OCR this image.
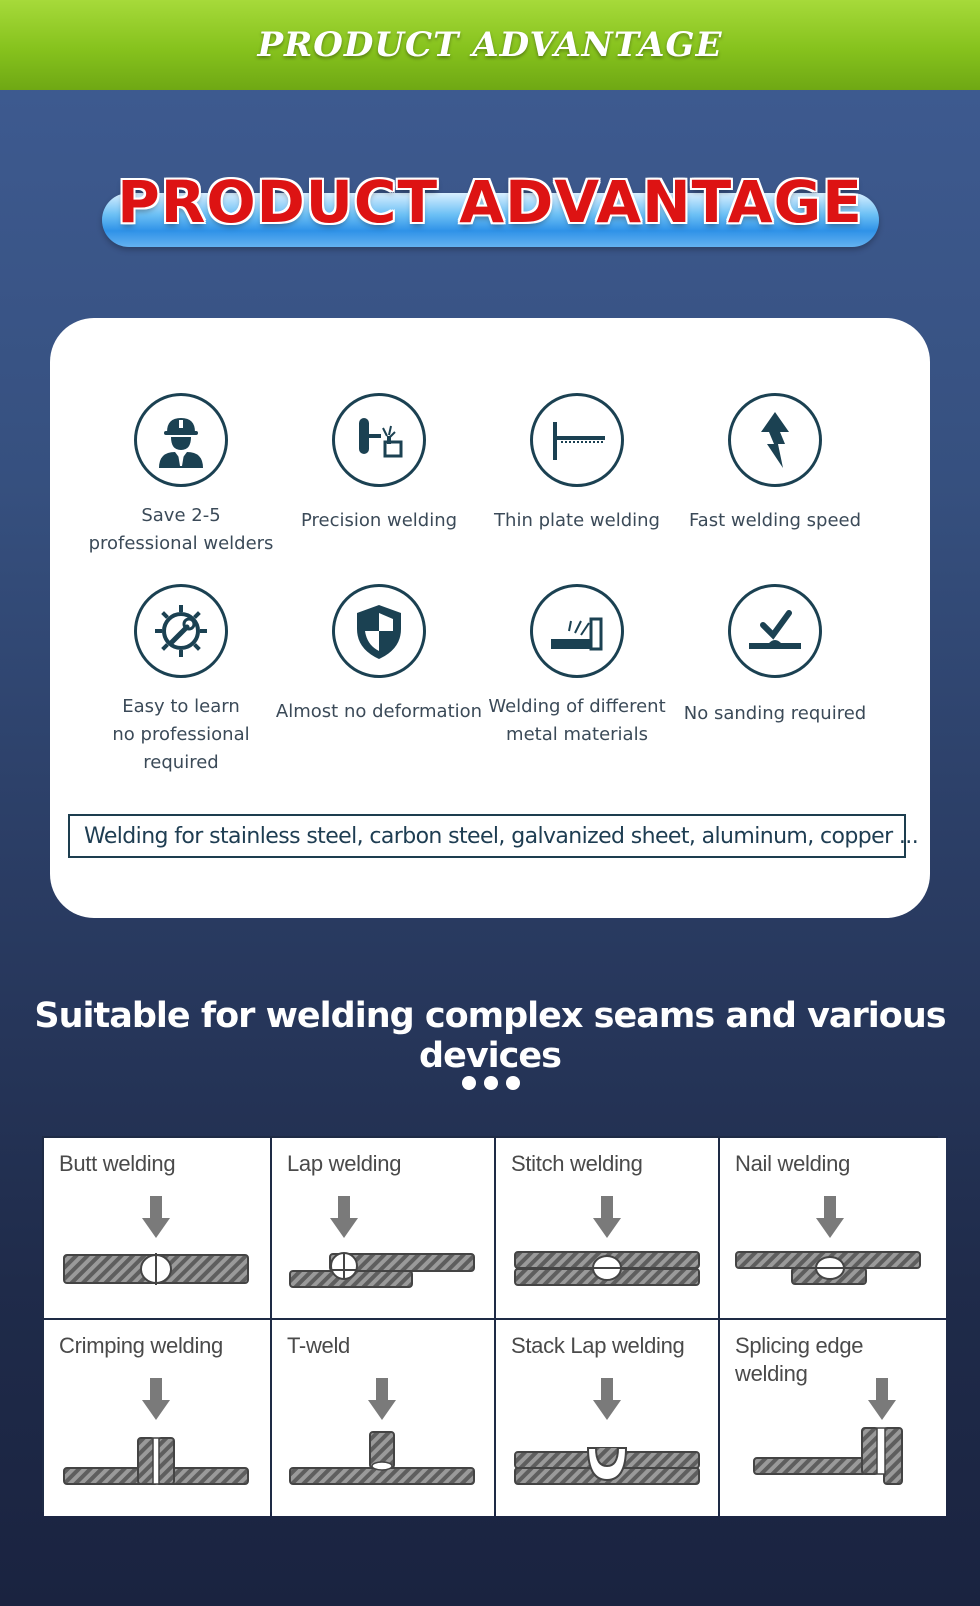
PRODUCT ADVANTAGE
PRODUCT ADVANTAGE
Save 2-5
professional welders
Precision welding	Thin plate welding	Fast welding speed
Easy to learn
no professional required
Almost no deformation Welding of different
metal materials
No sanding required
Welding for stainless steel, carbon steel, galvanized sheet, aluminum, copper ...
Suitable for welding complex seams and various devices
Butt welding	Lap welding	Stitch welding	Nail welding
Crimping welding	T-weld	Stack Lap welding	Splicing edge welding
